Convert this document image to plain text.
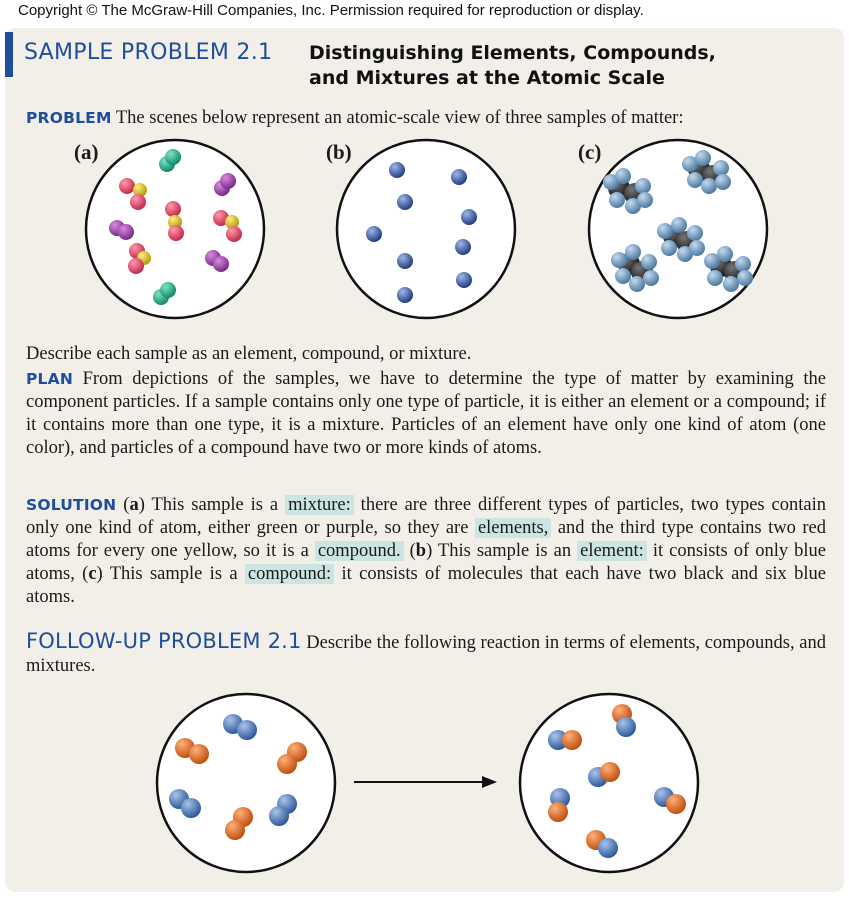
Copyright © The McGraw-Hill Companies, Inc. Permission required for reproduction or display.
SAMPLE PROBLEM 2.1 Distinguishing Elements, Compounds,
and Mixtures at the Atomic Scale
PROBLEM The scenes below represent an atomic-scale view of three samples of matter:
(a)	(b)	(c)
Describe each sample as an element, compound, or mixture.
PLAN From depictions of the samples, we have to determine the type of matter by examining the component particles. If a sample contains only one type of particle, it is either an element or a compound; if it contains more than one type, it is a mixture. Particles of an element have only one kind of atom (one color), and particles of a compound have two or more kinds of atoms.
SOLUTION (a) This sample is a mixture: there are three different types of particles, two types contain only one kind of atom, either green or purple, so they are elements, and the third type contains two red atoms for every one yellow, so it is a compound. (b) This sample is an element: it consists of only blue atoms, (c) This sample is a compound: it consists of molecules that each have two black and six blue atoms.
FOLLOW-UP PROBLEM 2.1 Describe the following reaction in terms of elements, compounds, and mixtures.
